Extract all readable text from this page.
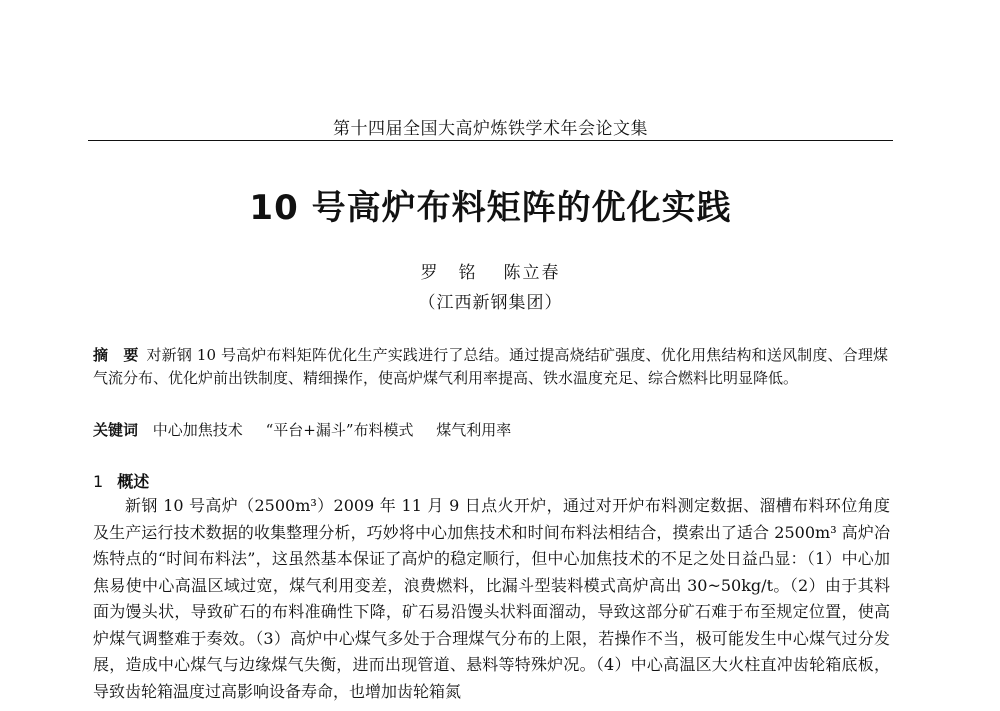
第十四届全国大高炉炼铁学术年会论文集
10 号高炉布料矩阵的优化实践
罗　铭 陈立春
（江西新钢集团）
摘　要 对新钢 10 号高炉布料矩阵优化生产实践进行了总结。通过提高烧结矿强度、优化用焦结构和送风制度、合理煤气流分布、优化炉前出铁制度、精细操作，使高炉煤气利用率提高、铁水温度充足、综合燃料比明显降低。
关键词 中心加焦技术 “平台+漏斗”布料模式 煤气利用率
1 概述
新钢 10 号高炉（2500m³）2009 年 11 月 9 日点火开炉，通过对开炉布料测定数据、溜槽布料环位角度及生产运行技术数据的收集整理分析，巧妙将中心加焦技术和时间布料法相结合，摸索出了适合 2500m³ 高炉冶炼特点的“时间布料法”，这虽然基本保证了高炉的稳定顺行，但中心加焦技术的不足之处日益凸显：（1）中心加焦易使中心高温区域过宽，煤气利用变差，浪费燃料，比漏斗型装料模式高炉高出 30~50kg/t。（2）由于其料面为馒头状，导致矿石的布料准确性下降，矿石易沿馒头状料面溜动，导致这部分矿石难于布至规定位置，使高炉煤气调整难于奏效。（3）高炉中心煤气多处于合理煤气分布的上限，若操作不当，极可能发生中心煤气过分发展，造成中心煤气与边缘煤气失衡，进而出现管道、悬料等特殊炉况。（4）中心高温区大火柱直冲齿轮箱底板，导致齿轮箱温度过高影响设备寿命，也增加齿轮箱氮
